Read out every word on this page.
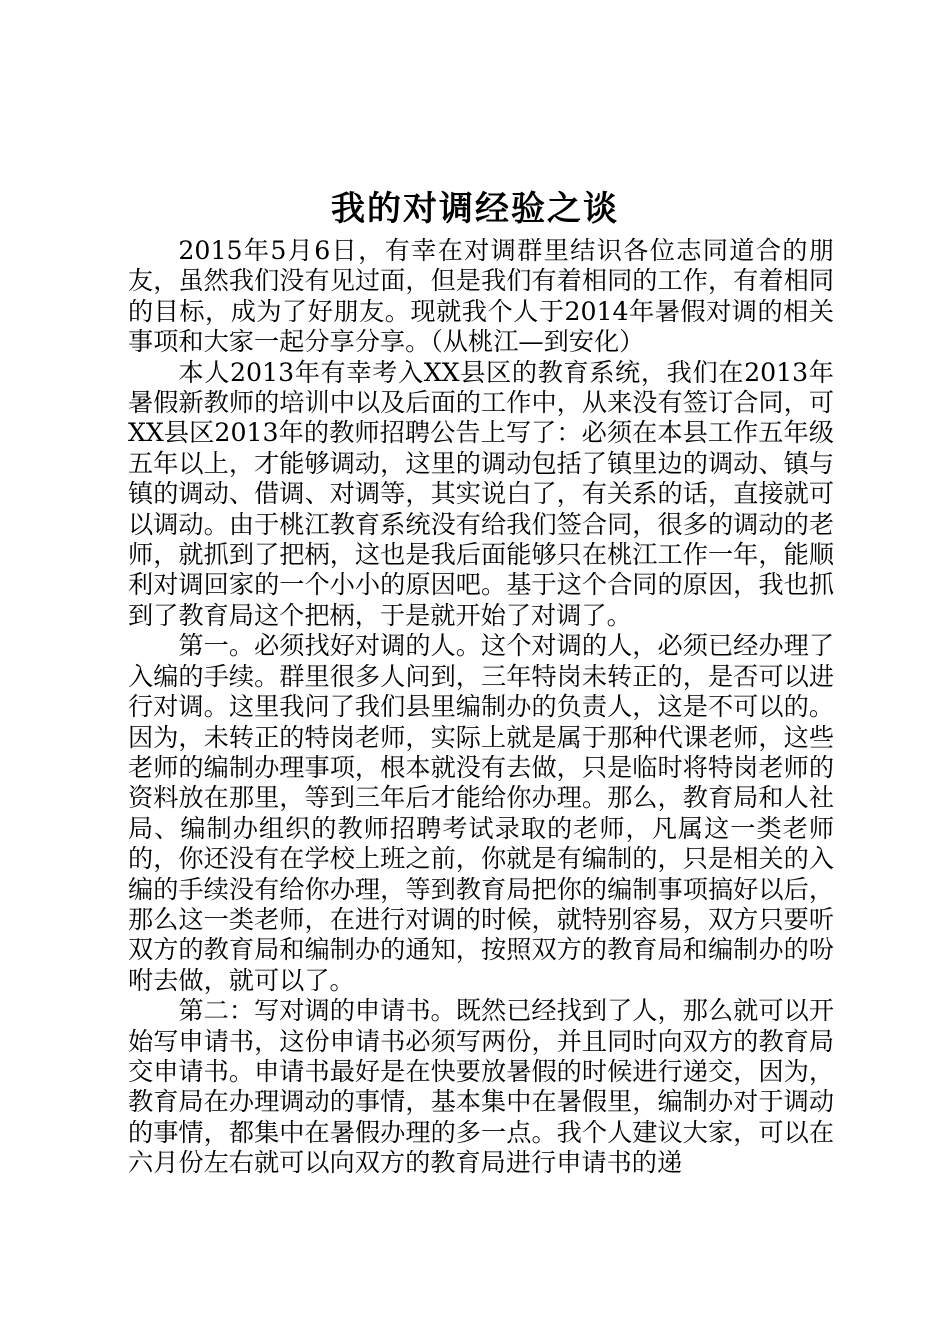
我的对调经验之谈

2015年5月6日，有幸在对调群里结识各位志同道合的朋友，虽然我们没有见过面，但是我们有着相同的工作，有着相同的目标，成为了好朋友。现就我个人于2014年暑假对调的相关事项和大家一起分享分享。（从桃江—到安化）

本人2013年有幸考入XX县区的教育系统，我们在2013年暑假新教师的培训中以及后面的工作中，从来没有签订合同，可XX县区2013年的教师招聘公告上写了：必须在本县工作五年级五年以上，才能够调动，这里的调动包括了镇里边的调动、镇与镇的调动、借调、对调等，其实说白了，有关系的话，直接就可以调动。由于桃江教育系统没有给我们签合同，很多的调动的老师，就抓到了把柄，这也是我后面能够只在桃江工作一年，能顺利对调回家的一个小小的原因吧。基于这个合同的原因，我也抓到了教育局这个把柄，于是就开始了对调了。

第一。必须找好对调的人。这个对调的人，必须已经办理了入编的手续。群里很多人问到，三年特岗未转正的，是否可以进行对调。这里我问了我们县里编制办的负责人，这是不可以的。因为，未转正的特岗老师，实际上就是属于那种代课老师，这些老师的编制办理事项，根本就没有去做，只是临时将特岗老师的资料放在那里，等到三年后才能给你办理。那么，教育局和人社局、编制办组织的教师招聘考试录取的老师，凡属这一类老师的，你还没有在学校上班之前，你就是有编制的，只是相关的入编的手续没有给你办理，等到教育局把你的编制事项搞好以后，那么这一类老师，在进行对调的时候，就特别容易，双方只要听双方的教育局和编制办的通知，按照双方的教育局和编制办的吩咐去做，就可以了。

第二：写对调的申请书。既然已经找到了人，那么就可以开始写申请书，这份申请书必须写两份，并且同时向双方的教育局交申请书。申请书最好是在快要放暑假的时候进行递交，因为，教育局在办理调动的事情，基本集中在暑假里，编制办对于调动的事情，都集中在暑假办理的多一点。我个人建议大家，可以在六月份左右就可以向双方的教育局进行申请书的递
